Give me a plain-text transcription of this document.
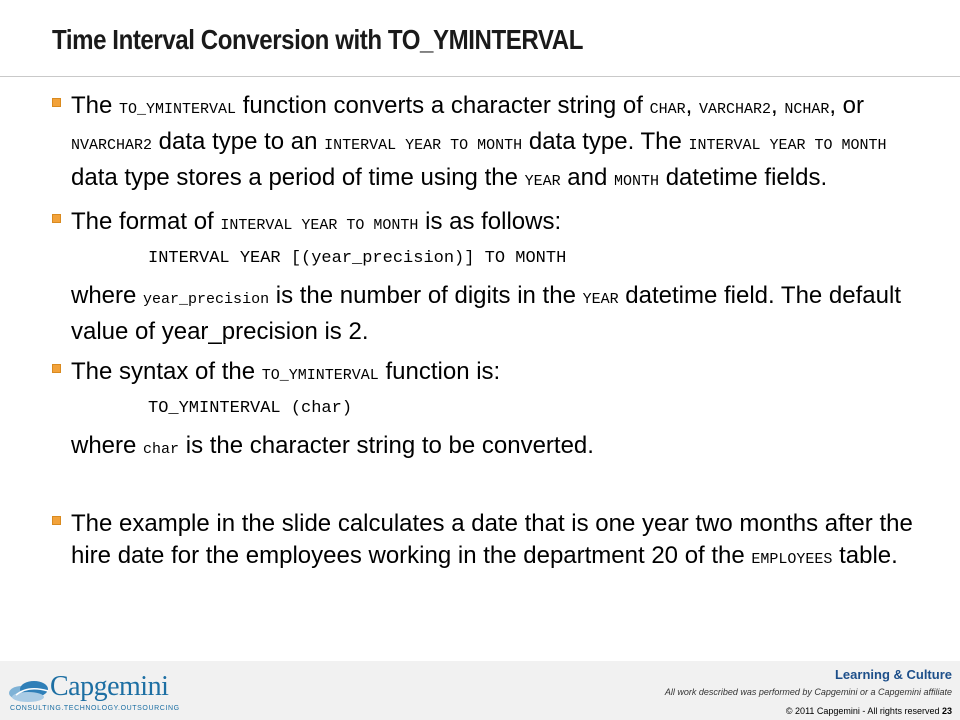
Time Interval Conversion with TO_YMINTERVAL

The TO_YMINTERVAL function converts a character string of CHAR, VARCHAR2, NCHAR, or NVARCHAR2 data type to an INTERVAL YEAR TO MONTH data type. The INTERVAL YEAR TO MONTH data type stores a period of time using the YEAR and MONTH datetime fields.

The format of INTERVAL YEAR TO MONTH is as follows:

INTERVAL YEAR [(year_precision)] TO MONTH

where year_precision is the number of digits in the YEAR datetime field. The default value of year_precision is 2.

The syntax of the TO_YMINTERVAL function is:

TO_YMINTERVAL (char)

where char is the character string to be converted.

The example in the slide calculates a date that is one year two months after the hire date for the employees working in the department 20 of the EMPLOYEES table.

Capgemini
CONSULTING.TECHNOLOGY.OUTSOURCING
Learning & Culture
All work described was performed by Capgemini or a Capgemini affiliate
© 2011 Capgemini - All rights reserved 23
